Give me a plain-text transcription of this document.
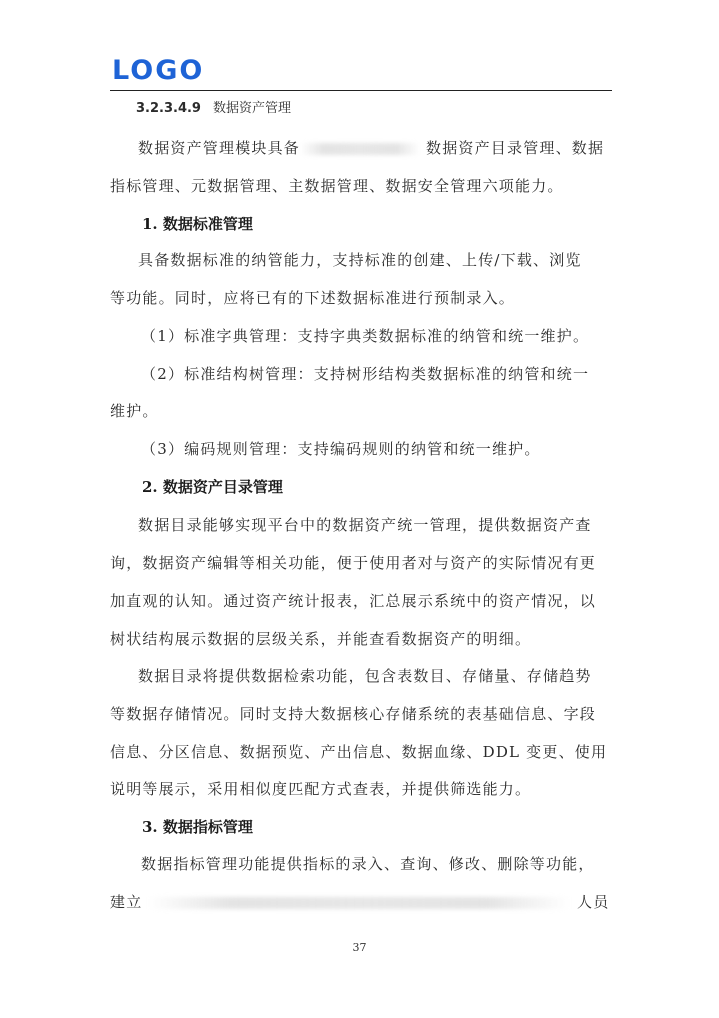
LOGO
3.2.3.4.9 数据资产管理
数据资产管理模块具备	数据资产目录管理、数据
指标管理、元数据管理、主数据管理、数据安全管理六项能力。
1. 数据标准管理
具备数据标准的纳管能力，支持标准的创建、上传/下载、浏览
等功能。同时，应将已有的下述数据标准进行预制录入。
（1）标准字典管理：支持字典类数据标准的纳管和统一维护。
（2）标准结构树管理：支持树形结构类数据标准的纳管和统一
维护。
（3）编码规则管理：支持编码规则的纳管和统一维护。
2. 数据资产目录管理
数据目录能够实现平台中的数据资产统一管理，提供数据资产查
询，数据资产编辑等相关功能，便于使用者对与资产的实际情况有更
加直观的认知。通过资产统计报表，汇总展示系统中的资产情况，以
树状结构展示数据的层级关系，并能查看数据资产的明细。
数据目录将提供数据检索功能，包含表数目、存储量、存储趋势
等数据存储情况。同时支持大数据核心存储系统的表基础信息、字段
信息、分区信息、数据预览、产出信息、数据血缘、DDL 变更、使用
说明等展示，采用相似度匹配方式查表，并提供筛选能力。
3. 数据指标管理
数据指标管理功能提供指标的录入、查询、修改、删除等功能，
建立	人员
37
